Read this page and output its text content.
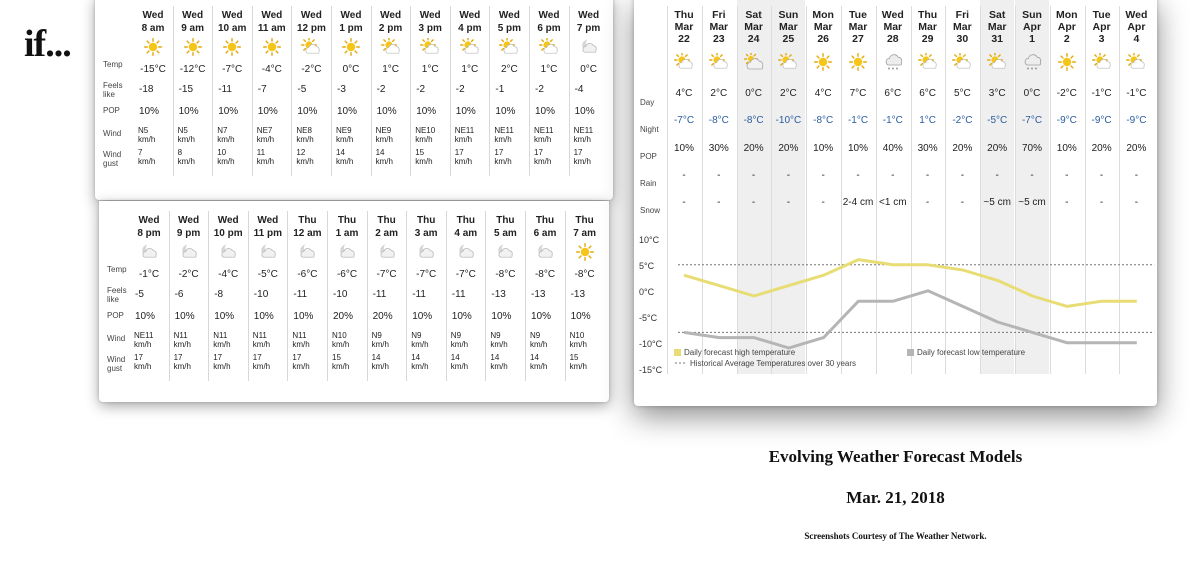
if...	Temp
Feels like
POP
Wind
Wind gust
Wed
8 am
-15°C
-18
10%
N5
km/h
7
km/h
Wed
9 am
-12°C
-15
10%
N5
km/h
8
km/h
Wed
10 am
-7°C
-11
10%
N7
km/h
10
km/h
Wed
11 am
-4°C
-7
10%
NE7
km/h
11
km/h
Wed
12 pm
-2°C
-5
10%
NE8
km/h
12
km/h
Wed
1 pm
0°C
-3
10%
NE9
km/h
14
km/h
Wed
2 pm
1°C
-2
10%
NE9
km/h
14
km/h
Wed
3 pm
1°C
-2
10%
NE10
km/h
15
km/h
Wed
4 pm
1°C
-2
10%
NE11
km/h
17
km/h
Wed
5 pm
2°C
-1
10%
NE11
km/h
17
km/h
Wed
6 pm
1°C
-2
10%
NE11
km/h
17
km/h
Wed
7 pm
0°C
-4
10%
NE11
km/h
17
km/h
Temp
Feels like
POP
Wind
Wind gust
Wed
8 pm
-1°C
-5
10%
NE11
km/h
17
km/h
Wed
9 pm
-2°C
-6
10%
N11
km/h
17
km/h
Wed
10 pm
-4°C
-8
10%
N11
km/h
17
km/h
Wed
11 pm
-5°C
-10
10%
N11
km/h
17
km/h
Thu
12 am
-6°C
-11
10%
N11
km/h
17
km/h
Thu
1 am
-6°C
-10
20%
N10
km/h
15
km/h
Thu
2 am
-7°C
-11
20%
N9
km/h
14
km/h
Thu
3 am
-7°C
-11
10%
N9
km/h
14
km/h
Thu
4 am
-7°C
-11
10%
N9
km/h
14
km/h
Thu
5 am
-8°C
-13
10%
N9
km/h
14
km/h
Thu
6 am
-8°C
-13
10%
N9
km/h
14
km/h
Thu
7 am
-8°C
-13
10%
N10
km/h
15
km/h
Thu
Mar
22
4°C
-7°C
10%
-
-
Fri
Mar
23
2°C
-8°C
30%
-
-
Sat
Mar
24
0°C
-8°C
20%
-
-
Sun
Mar
25
2°C
-10°C
20%
-
-
Mon
Mar
26
4°C
-8°C
10%
-
-
Tue
Mar
27
7°C
-1°C
10%
-
2-4 cm
Wed
Mar
28
6°C
-1°C
40%
-
<1 cm
Thu
Mar
29
6°C
1°C
30%
-
-
Fri
Mar
30
5°C
-2°C
20%
-
-
Sat
Mar
31
3°C
-5°C
20%
-
~5 cm
Sun
Apr
1
0°C
-7°C
70%
-
~5 cm
Mon
Apr
2
-2°C
-9°C
10%
-
-
Tue
Apr
3
-1°C
-9°C
20%
-
-
Wed
Apr
4
-1°C
-9°C
20%
-
-
Day
Night
POP
Rain
Snow
10°C
5°C
0°C
-5°C
-10°C
-15°C
Daily forecast high temperature	Daily forecast low temperature
Historical Average Temperatures over 30 years
Evolving Weather Forecast Models
Mar. 21, 2018
Screenshots Courtesy of The Weather Network.
